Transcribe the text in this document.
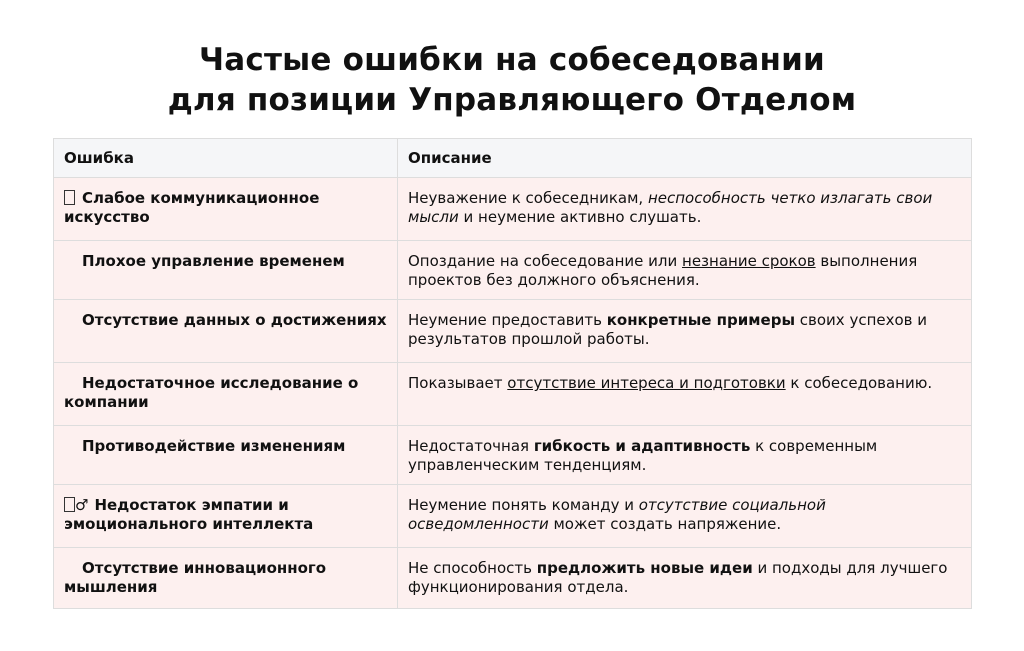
Частые ошибки на собеседовании
для позиции Управляющего Отделом
Ошибка	Описание
Слабое коммуникационное искусство	Неуважение к собеседникам, неспособность четко излагать свои мысли и неумение активно слушать.
Плохое управление временем	Опоздание на собеседование или незнание сроков выполнения проектов без должного объяснения.
Отсутствие данных о достижениях	Неумение предоставить конкретные примеры своих успехов и результатов прошлой работы.
Недостаточное исследование о компании	Показывает отсутствие интереса и подготовки к собеседованию.
Противодействие изменениям	Недостаточная гибкость и адаптивность к современным управленческим тенденциям.
♂ Недостаток эмпатии и эмоционального интеллекта	Неумение понять команду и отсутствие социальной осведомленности может создать напряжение.
Отсутствие инновационного мышления	Не способность предложить новые идеи и подходы для лучшего функционирования отдела.
